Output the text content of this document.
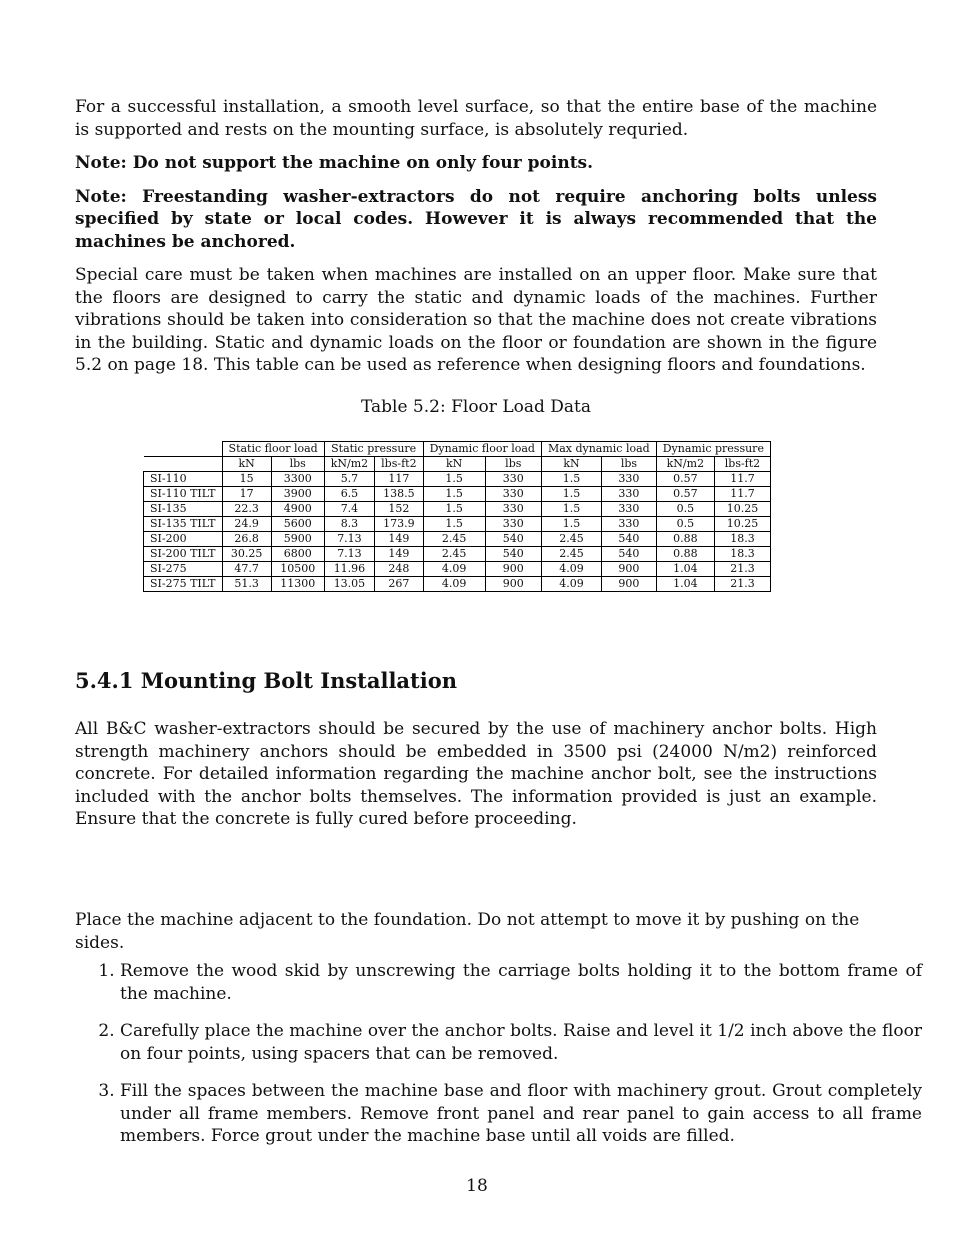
For a successful installation, a smooth level surface, so that the entire base of the machine is supported and rests on the mounting surface, is absolutely requried.

Note: Do not support the machine on only four points.

Note: Freestanding washer-extractors do not require anchoring bolts unless specified by state or local codes. However it is always recommended that the machines be anchored.

Special care must be taken when machines are installed on an upper floor. Make sure that the floors are designed to carry the static and dynamic loads of the machines. Further vibrations should be taken into consideration so that the machine does not create vibrations in the building. Static and dynamic loads on the floor or foundation are shown in the figure 5.2 on page 18. This table can be used as reference when designing floors and foundations.

Table 5.2: Floor Load Data

	Static floor load		Static pressure		Dynamic floor load		Max dynamic load		Dynamic pressure	
	kN	lbs	kN/m2	lbs-ft2	kN	lbs	kN	lbs	kN/m2	lbs-ft2
SI-110	15	3300	5.7	117	1.5	330	1.5	330	0.57	11.7
SI-110 TILT	17	3900	6.5	138.5	1.5	330	1.5	330	0.57	11.7
SI-135	22.3	4900	7.4	152	1.5	330	1.5	330	0.5	10.25
SI-135 TILT	24.9	5600	8.3	173.9	1.5	330	1.5	330	0.5	10.25
SI-200	26.8	5900	7.13	149	2.45	540	2.45	540	0.88	18.3
SI-200 TILT	30.25	6800	7.13	149	2.45	540	2.45	540	0.88	18.3
SI-275	47.7	10500	11.96	248	4.09	900	4.09	900	1.04	21.3
SI-275 TILT	51.3	11300	13.05	267	4.09	900	4.09	900	1.04	21.3
5.4.1 Mounting Bolt Installation

All B&C washer-extractors should be secured by the use of machinery anchor bolts. High strength machinery anchors should be embedded in 3500 psi (24000 N/m2) reinforced concrete. For detailed information regarding the machine anchor bolt, see the instructions included with the anchor bolts themselves. The information provided is just an example. Ensure that the concrete is fully cured before proceeding.

Place the machine adjacent to the foundation. Do not attempt to move it by pushing on the sides.

1. Remove the wood skid by unscrewing the carriage bolts holding it to the bottom frame of the machine.
2. Carefully place the machine over the anchor bolts. Raise and level it 1/2 inch above the floor on four points, using spacers that can be removed.
3. Fill the spaces between the machine base and floor with machinery grout. Grout completely under all frame members. Remove front panel and rear panel to gain access to all frame members. Force grout under the machine base until all voids are filled.
18
